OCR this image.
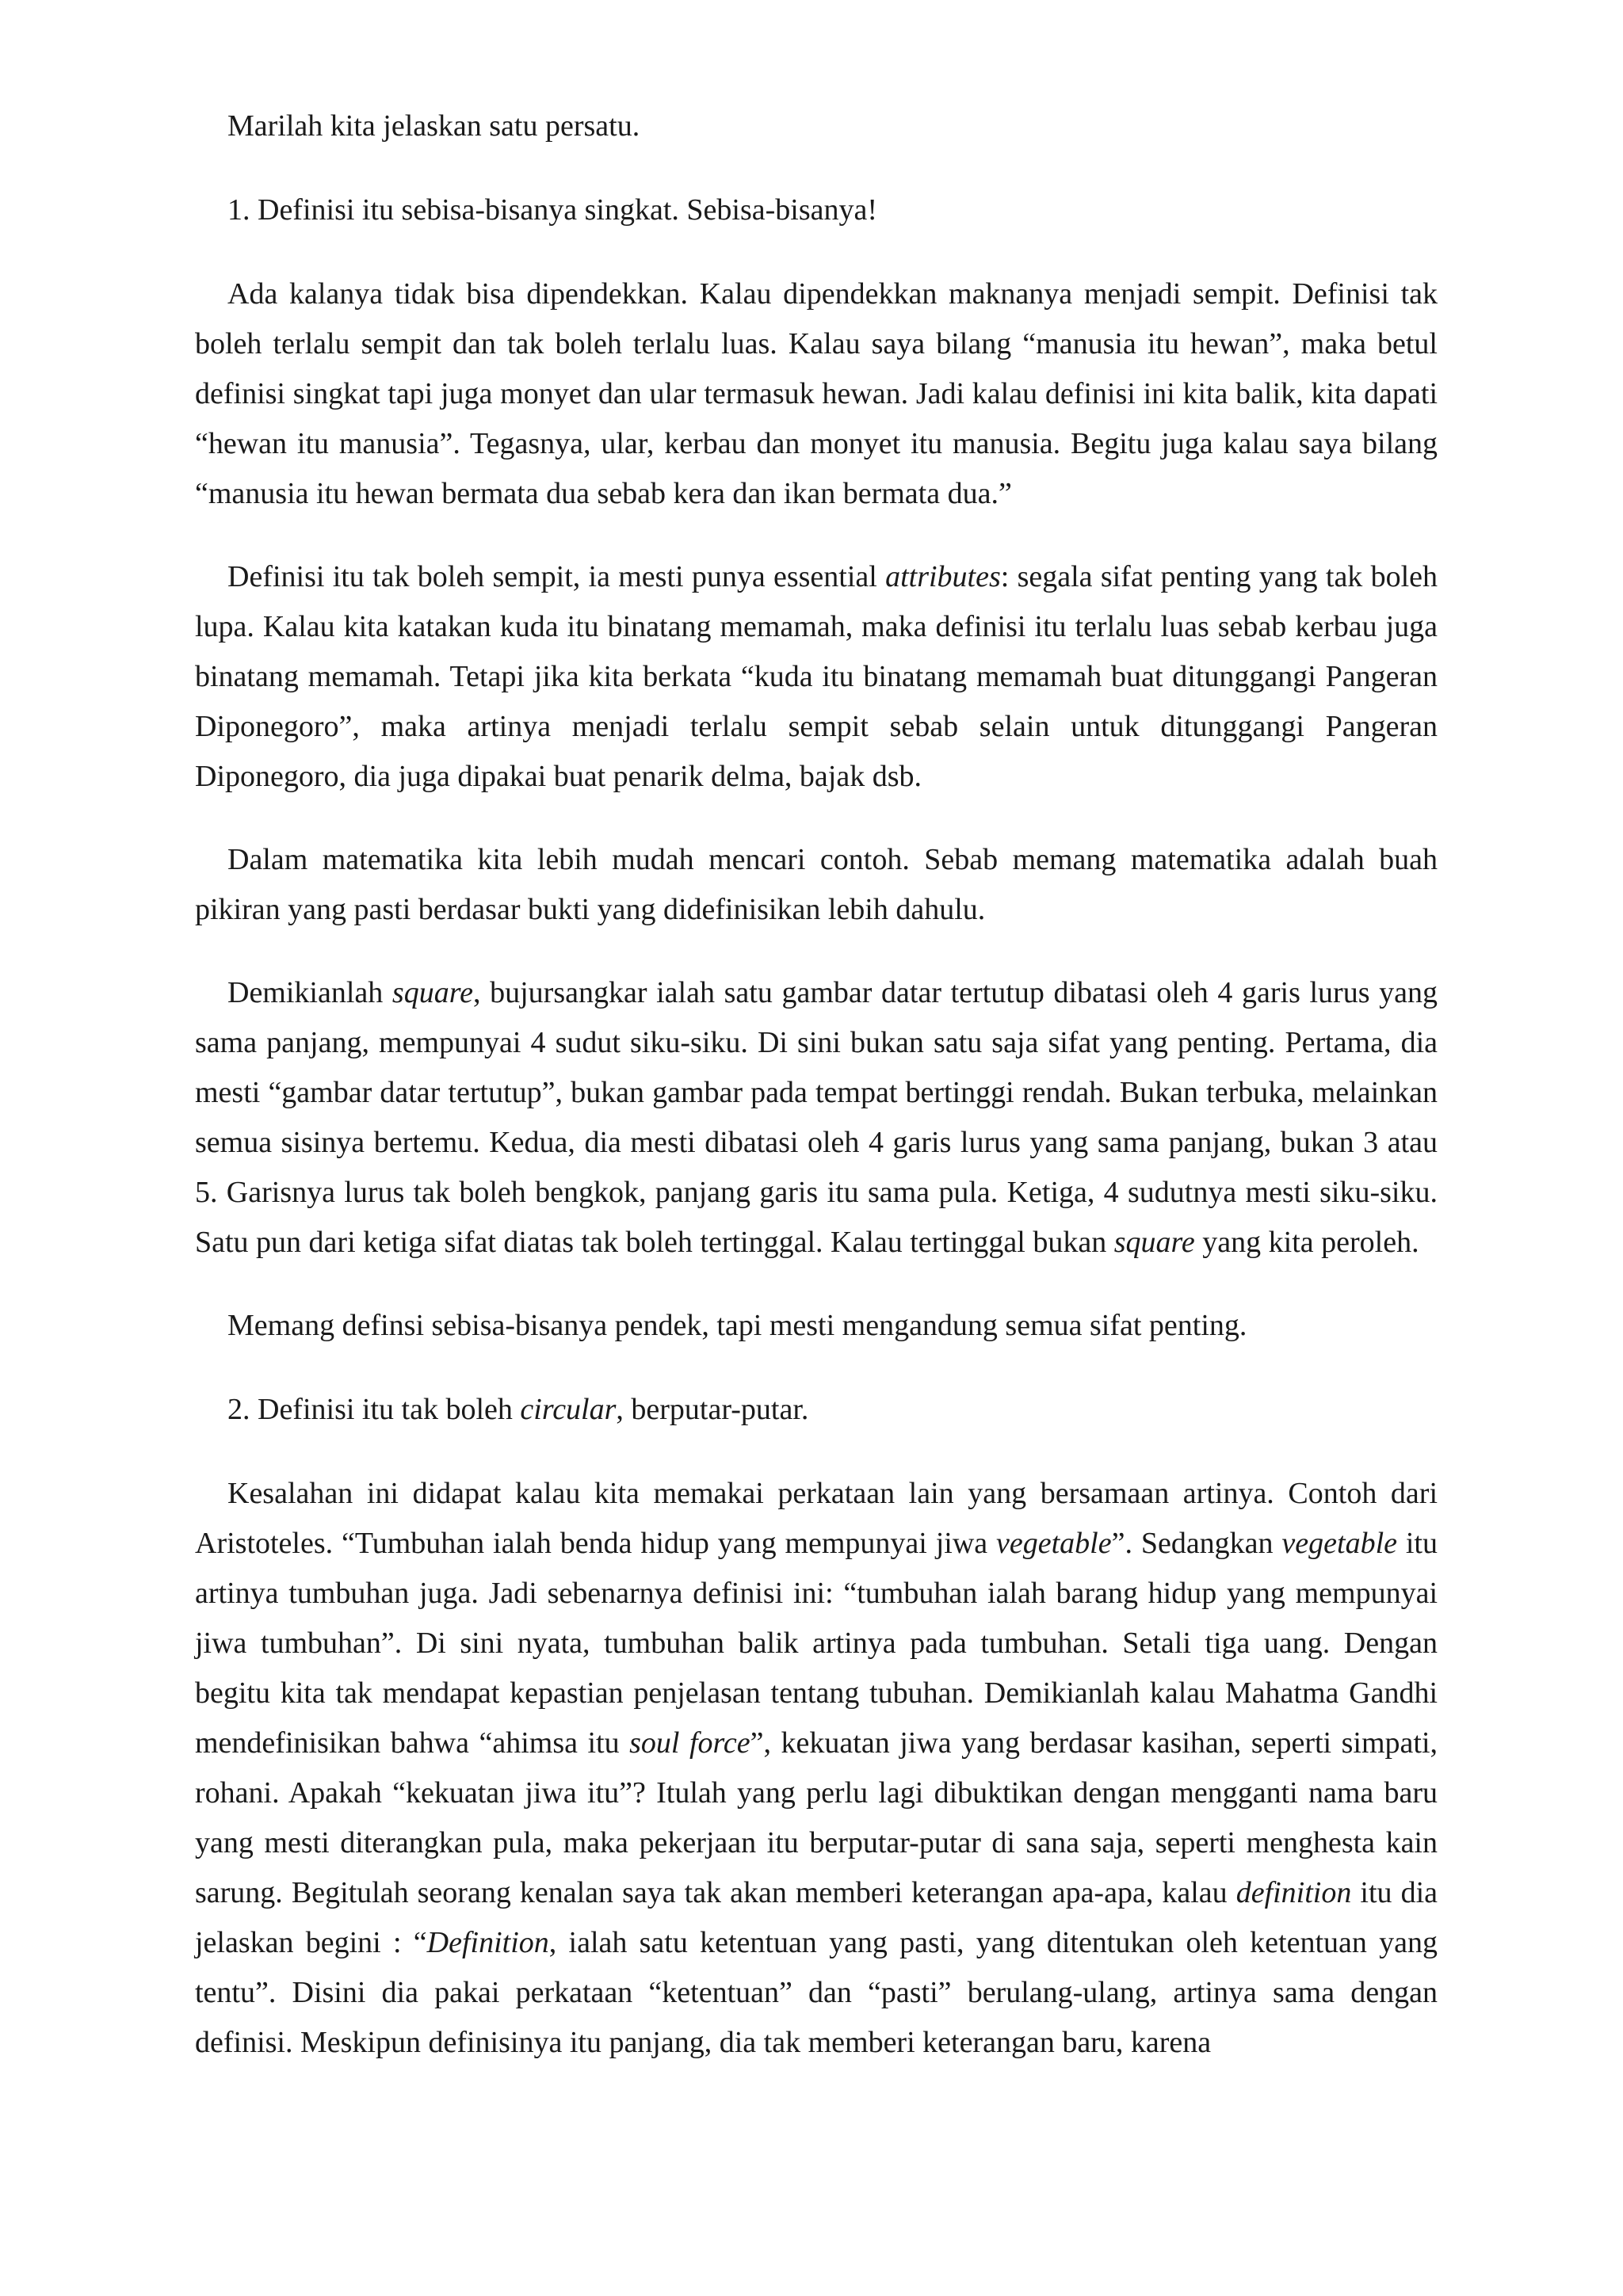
Marilah kita jelaskan satu persatu.

1. Definisi itu sebisa-bisanya singkat. Sebisa-bisanya!

Ada kalanya tidak bisa dipendekkan. Kalau dipendekkan maknanya menjadi sempit. Definisi tak boleh terlalu sempit dan tak boleh terlalu luas. Kalau saya bilang “manusia itu hewan”, maka betul definisi singkat tapi juga monyet dan ular termasuk hewan. Jadi kalau definisi ini kita balik, kita dapati “hewan itu manusia”. Tegasnya, ular, kerbau dan monyet itu manusia. Begitu juga kalau saya bilang “manusia itu hewan bermata dua sebab kera dan ikan bermata dua.”

Definisi itu tak boleh sempit, ia mesti punya essential attributes: segala sifat penting yang tak boleh lupa. Kalau kita katakan kuda itu binatang memamah, maka definisi itu terlalu luas sebab kerbau juga binatang memamah. Tetapi jika kita berkata “kuda itu binatang memamah buat ditunggangi Pangeran Diponegoro”, maka artinya menjadi terlalu sempit sebab selain untuk ditunggangi Pangeran Diponegoro, dia juga dipakai buat penarik delma, bajak dsb.

Dalam matematika kita lebih mudah mencari contoh. Sebab memang matematika adalah buah pikiran yang pasti berdasar bukti yang didefinisikan lebih dahulu.

Demikianlah square, bujursangkar ialah satu gambar datar tertutup dibatasi oleh 4 garis lurus yang sama panjang, mempunyai 4 sudut siku-siku. Di sini bukan satu saja sifat yang penting. Pertama, dia mesti “gambar datar tertutup”, bukan gambar pada tempat bertinggi rendah. Bukan terbuka, melainkan semua sisinya bertemu. Kedua, dia mesti dibatasi oleh 4 garis lurus yang sama panjang, bukan 3 atau 5. Garisnya lurus tak boleh bengkok, panjang garis itu sama pula. Ketiga, 4 sudutnya mesti siku-siku. Satu pun dari ketiga sifat diatas tak boleh tertinggal. Kalau tertinggal bukan square yang kita peroleh.

Memang definsi sebisa-bisanya pendek, tapi mesti mengandung semua sifat penting.

2. Definisi itu tak boleh circular, berputar-putar.

Kesalahan ini didapat kalau kita memakai perkataan lain yang bersamaan artinya. Contoh dari Aristoteles. “Tumbuhan ialah benda hidup yang mempunyai jiwa vegetable”. Sedangkan vegetable itu artinya tumbuhan juga. Jadi sebenarnya definisi ini: “tumbuhan ialah barang hidup yang mempunyai jiwa tumbuhan”. Di sini nyata, tumbuhan balik artinya pada tumbuhan. Setali tiga uang. Dengan begitu kita tak mendapat kepastian penjelasan tentang tubuhan. Demikianlah kalau Mahatma Gandhi mendefinisikan bahwa “ahimsa itu soul force”, kekuatan jiwa yang berdasar kasihan, seperti simpati, rohani. Apakah “kekuatan jiwa itu”? Itulah yang perlu lagi dibuktikan dengan mengganti nama baru yang mesti diterangkan pula, maka pekerjaan itu berputar-putar di sana saja, seperti menghesta kain sarung. Begitulah seorang kenalan saya tak akan memberi keterangan apa-apa, kalau definition itu dia jelaskan begini : “Definition, ialah satu ketentuan yang pasti, yang ditentukan oleh ketentuan yang tentu”. Disini dia pakai perkataan “ketentuan” dan “pasti” berulang-ulang, artinya sama dengan definisi. Meskipun definisinya itu panjang, dia tak memberi keterangan baru, karena
